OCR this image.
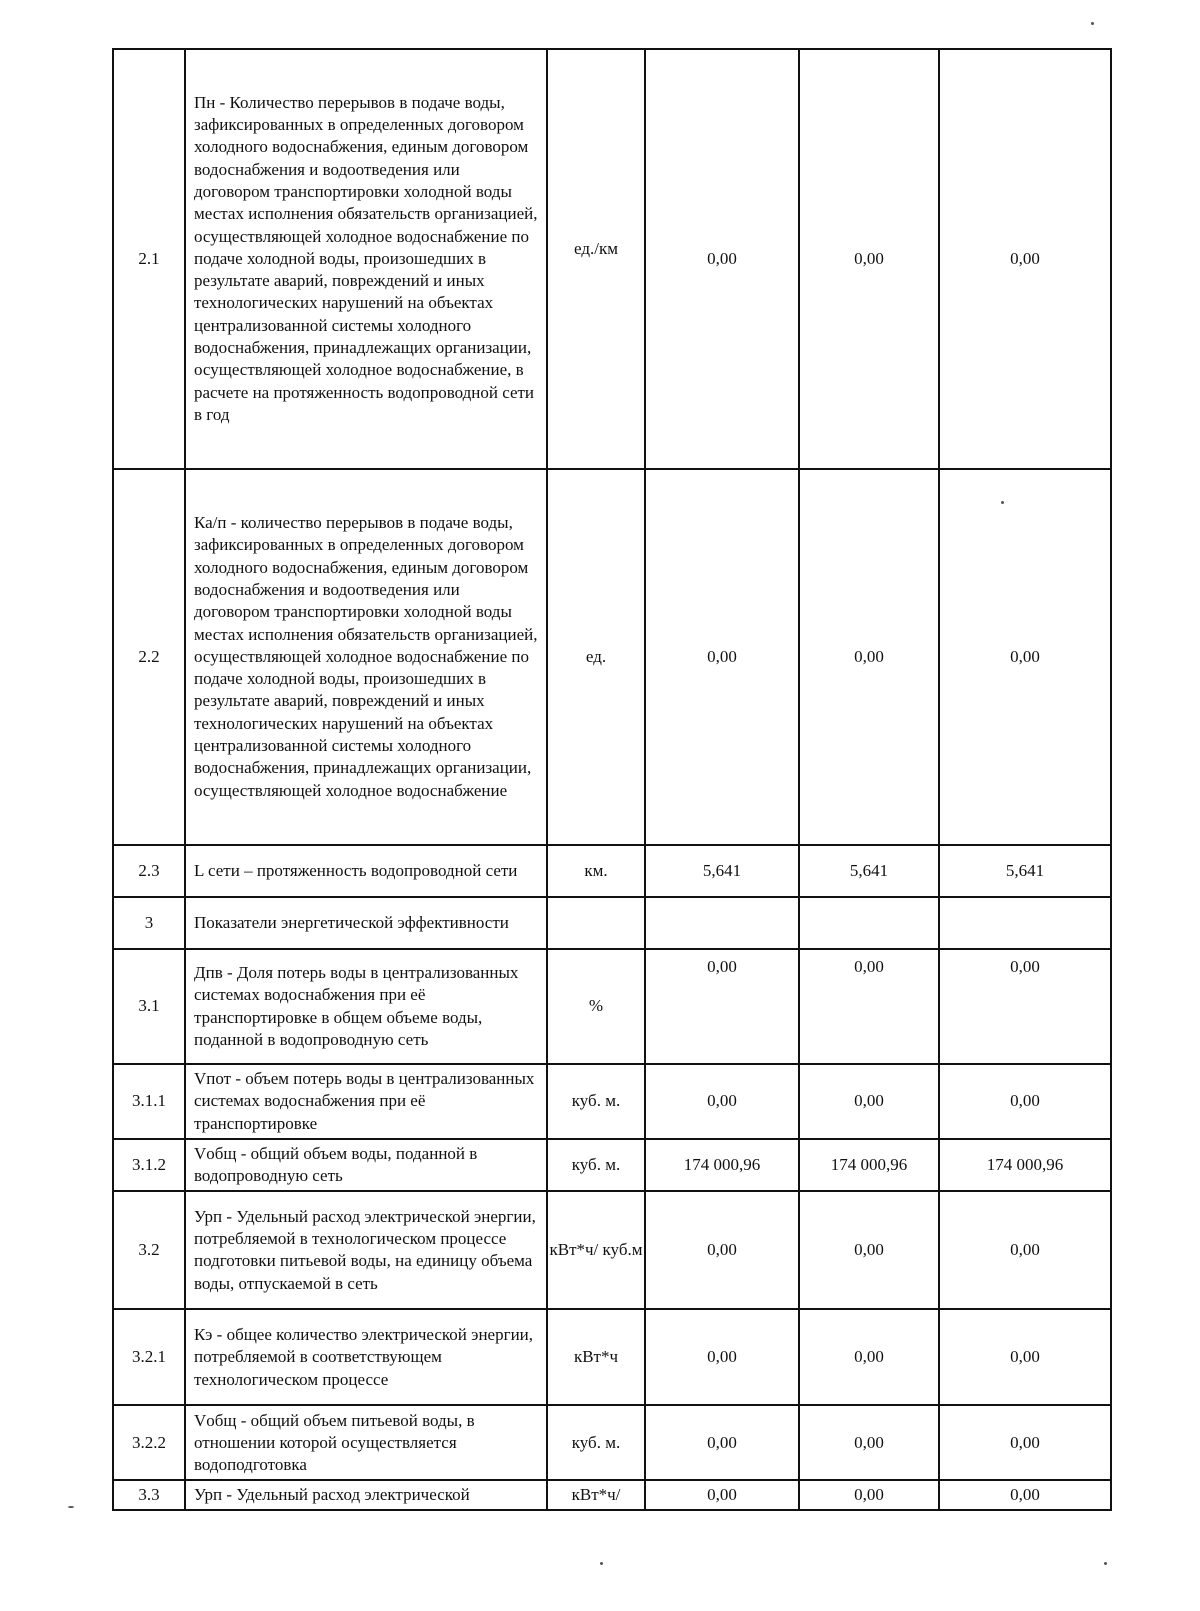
2.1	Пн - Количество перерывов в подаче воды, зафиксированных в определенных договором холодного водоснабжения, единым договором водоснабжения и водоотведения или договором транспортировки холодной воды местах исполнения обязательств организацией, осуществляющей холодное водоснабжение по подаче холодной воды, произошедших в результате аварий, повреждений и иных технологических нарушений на объектах централизованной системы холодного водоснабжения, принадлежащих организации, осуществляющей холодное водоснабжение, в расчете на протяженность водопроводной сети в год	ед./км	0,00	0,00	0,00
2.2	Ка/п - количество перерывов в подаче воды, зафиксированных в определенных договором холодного водоснабжения, единым договором водоснабжения и водоотведения или договором транспортировки холодной воды местах исполнения обязательств организацией, осуществляющей холодное водоснабжение по подаче холодной воды, произошедших в результате аварий, повреждений и иных технологических нарушений на объектах централизованной системы холодного водоснабжения, принадлежащих организации, осуществляющей холодное водоснабжение	ед.	0,00	0,00	0,00
2.3	L сети – протяженность водопроводной сети	км.	5,641	5,641	5,641
3	Показатели энергетической эффективности				
3.1	Дпв - Доля потерь воды в централизованных системах водоснабжения при её транспортировке в общем объеме воды, поданной в водопроводную сеть	%	0,00	0,00	0,00
3.1.1	Vпот - объем потерь воды в централизованных системах водоснабжения при её транспортировке	куб. м.	0,00	0,00	0,00
3.1.2	Vобщ - общий объем воды, поданной в водопроводную сеть	куб. м.	174 000,96	174 000,96	174 000,96
3.2	Урп - Удельный расход электрической энергии, потребляемой в технологическом процессе подготовки питьевой воды, на единицу объема воды, отпускаемой в сеть	кВт*ч/ куб.м	0,00	0,00	0,00
3.2.1	Кэ - общее количество электрической энергии, потребляемой в соответствующем технологическом процессе	кВт*ч	0,00	0,00	0,00
3.2.2	Vобщ - общий объем питьевой воды, в отношении которой осуществляется водоподготовка	куб. м.	0,00	0,00	0,00
3.3	Урп - Удельный расход электрической	кВт*ч/	0,00	0,00	0,00
